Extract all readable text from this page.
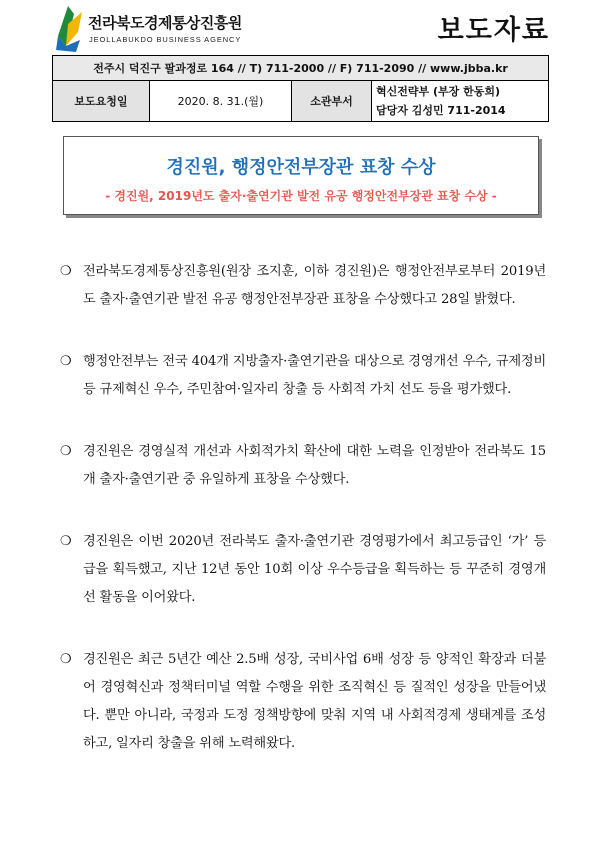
전라북도경제통상진흥원
JEOLLABUKDO BUSINESS AGENCY	보도자료
전주시 덕진구 팔과정로 164 // T) 711-2000 // F) 711-2090 // www.jbba.kr
보도요청일	2020. 8. 31.(월)	소관부서	
혁신전략부 (부장 한동희)
담당자 김성민 711-2014
경진원, 행정안전부장관 표창 수상
- 경진원, 2019년도 출자·출연기관 발전 유공 행정안전부장관 표창 수상 -
❍ 전라북도경제통상진흥원(원장 조지훈, 이하 경진원)은 행정안전부로부터 2019년도 출자·출연기관 발전 유공 행정안전부장관 표창을 수상했다고 28일 밝혔다.
❍ 행정안전부는 전국 404개 지방출자·출연기관을 대상으로 경영개선 우수, 규제정비 등 규제혁신 우수, 주민참여·일자리 창출 등 사회적 가치 선도 등을 평가했다.
❍ 경진원은 경영실적 개선과 사회적가치 확산에 대한 노력을 인정받아 전라북도 15개 출자·출연기관 중 유일하게 표창을 수상했다.
❍ 경진원은 이번 2020년 전라북도 출자·출연기관 경영평가에서 최고등급인 ‘가’ 등급을 획득했고, 지난 12년 동안 10회 이상 우수등급을 획득하는 등 꾸준히 경영개선 활동을 이어왔다.
❍ 경진원은 최근 5년간 예산 2.5배 성장, 국비사업 6배 성장 등 양적인 확장과 더불어 경영혁신과 정책터미널 역할 수행을 위한 조직혁신 등 질적인 성장을 만들어냈다. 뿐만 아니라, 국정과 도정 정책방향에 맞춰 지역 내 사회적경제 생태계를 조성하고, 일자리 창출을 위해 노력해왔다.
